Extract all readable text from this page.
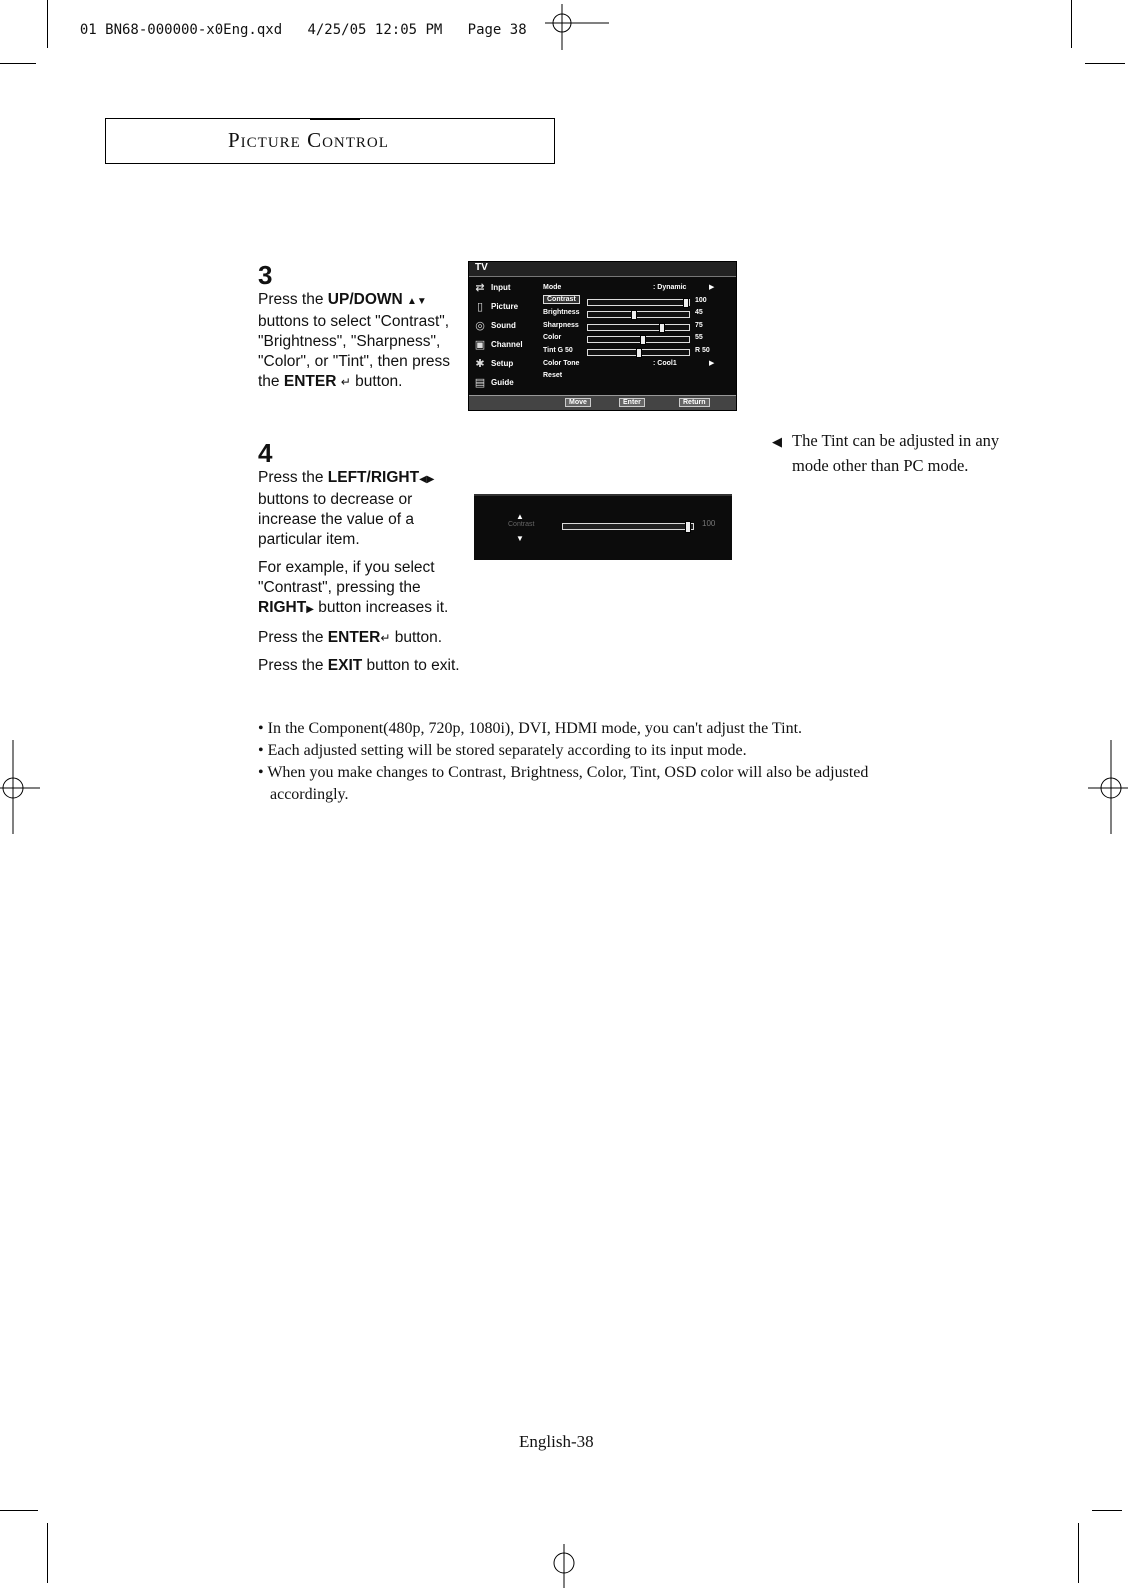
01 BN68-000000-x0Eng.qxd 4/25/05 12:05 PM Page 38

Picture Control
3

Press the UP/DOWN ▲▼ buttons to select "Contrast", "Brightness", "Sharpness", "Color", or "Tint", then press the ENTER ↵ button.

TV
⇄ Input
▯ Picture
◎ Sound
▣ Channel
✱ Setup
▤ Guide
Mode	: Dynamic	▶
Contrast	100
Brightness	45
Sharpness	75
Color	55
Tint G 50	R 50
Color Tone	: Cool1	▶
Reset
Move	Enter	Return
4

Press the LEFT/RIGHT◀▶ buttons to decrease or increase the value of a particular item.

For example, if you select "Contrast", pressing the RIGHT▶ button increases it.

Press the ENTER↵ button.

Press the EXIT button to exit.

▲
Contrast
▼
100
◀ The Tint can be adjusted in any mode other than PC mode.
• In the Component(480p, 720p, 1080i), DVI, HDMI mode, you can't adjust the Tint.
• Each adjusted setting will be stored separately according to its input mode.
• When you make changes to Contrast, Brightness, Color, Tint, OSD color will also be adjusted accordingly.
English-38
